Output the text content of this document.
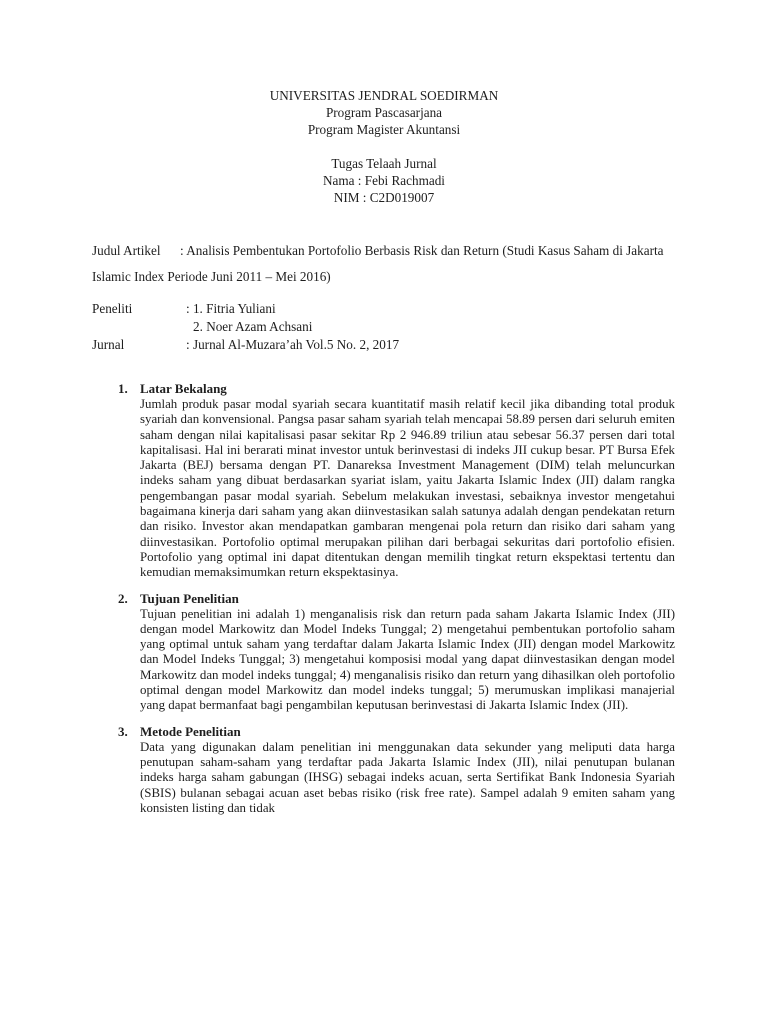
UNIVERSITAS JENDRAL SOEDIRMAN
Program Pascasarjana
Program Magister Akuntansi
Tugas Telaah Jurnal
Nama : Febi Rachmadi
NIM : C2D019007
Judul Artikel : Analisis Pembentukan Portofolio Berbasis Risk dan Return (Studi Kasus Saham di Jakarta Islamic Index Periode Juni 2011 – Mei 2016)
Peneliti	: 1. Fitria Yuliani
2. Noer Azam Achsani
Jurnal	: Jurnal Al-Muzara’ah Vol.5 No. 2, 2017
1. Latar Bekalang
Jumlah produk pasar modal syariah secara kuantitatif masih relatif kecil jika dibanding total produk syariah dan konvensional. Pangsa pasar saham syariah telah mencapai 58.89 persen dari seluruh emiten saham dengan nilai kapitalisasi pasar sekitar Rp 2 946.89 triliun atau sebesar 56.37 persen dari total kapitalisasi. Hal ini berarati minat investor untuk berinvestasi di indeks JII cukup besar. PT Bursa Efek Jakarta (BEJ) bersama dengan PT. Danareksa Investment Management (DIM) telah meluncurkan indeks saham yang dibuat berdasarkan syariat islam, yaitu Jakarta Islamic Index (JII) dalam rangka pengembangan pasar modal syariah. Sebelum melakukan investasi, sebaiknya investor mengetahui bagaimana kinerja dari saham yang akan diinvestasikan salah satunya adalah dengan pendekatan return dan risiko. Investor akan mendapatkan gambaran mengenai pola return dan risiko dari saham yang diinvestasikan. Portofolio optimal merupakan pilihan dari berbagai sekuritas dari portofolio efisien. Portofolio yang optimal ini dapat ditentukan dengan memilih tingkat return ekspektasi tertentu dan kemudian memaksimumkan return ekspektasinya.
2. Tujuan Penelitian
Tujuan penelitian ini adalah 1) menganalisis risk dan return pada saham Jakarta Islamic Index (JII) dengan model Markowitz dan Model Indeks Tunggal; 2) mengetahui pembentukan portofolio saham yang optimal untuk saham yang terdaftar dalam Jakarta Islamic Index (JII) dengan model Markowitz dan Model Indeks Tunggal; 3) mengetahui komposisi modal yang dapat diinvestasikan dengan model Markowitz dan model indeks tunggal; 4) menganalisis risiko dan return yang dihasilkan oleh portofolio optimal dengan model Markowitz dan model indeks tunggal; 5) merumuskan implikasi manajerial yang dapat bermanfaat bagi pengambilan keputusan berinvestasi di Jakarta Islamic Index (JII).
3. Metode Penelitian
Data yang digunakan dalam penelitian ini menggunakan data sekunder yang meliputi data harga penutupan saham-saham yang terdaftar pada Jakarta Islamic Index (JII), nilai penutupan bulanan indeks harga saham gabungan (IHSG) sebagai indeks acuan, serta Sertifikat Bank Indonesia Syariah (SBIS) bulanan sebagai acuan aset bebas risiko (risk free rate). Sampel adalah 9 emiten saham yang konsisten listing dan tidak
